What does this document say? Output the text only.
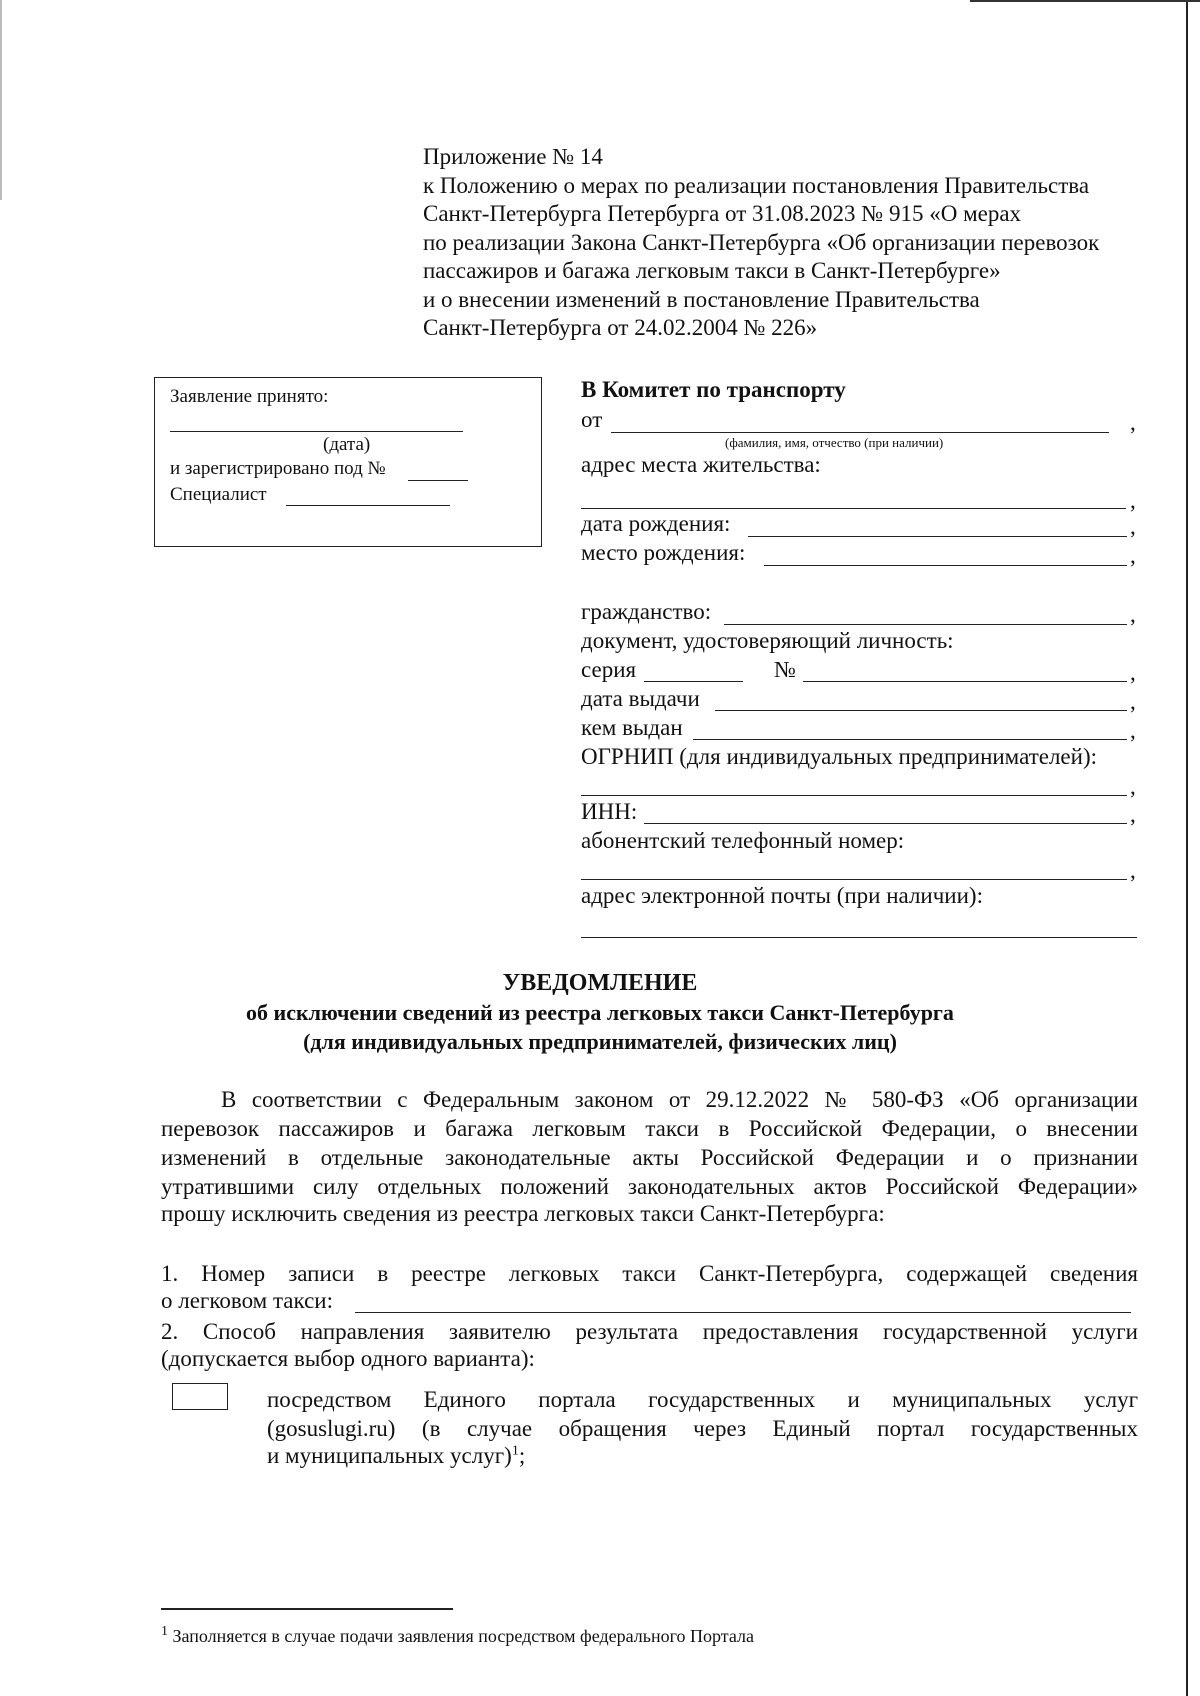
Приложение № 14
к Положению о мерах по реализации постановления Правительства
Санкт-Петербурга Петербурга от 31.08.2023 № 915 «О мерах
по реализации Закона Санкт-Петербурга «Об организации перевозок
пассажиров и багажа легковым такси в Санкт-Петербурге»
и о внесении изменений в постановление Правительства
Санкт-Петербурга от 24.02.2004 № 226»
Заявление принято:
(дата)
и зарегистрировано под №
Специалист
В Комитет по транспорту
от	,
(фамилия, имя, отчество (при наличии)
адрес места жительства:
,
дата рождения:	,
место рождения:	,
гражданство:	,
документ, удостоверяющий личность:
серия	№	,
дата выдачи	,
кем выдан	,
ОГРНИП (для индивидуальных предпринимателей):
,
ИНН:	,
абонентский телефонный номер:
,
адрес электронной почты (при наличии):
УВЕДОМЛЕНИЕ
об исключении сведений из реестра легковых такси Санкт-Петербурга
(для индивидуальных предпринимателей, физических лиц)
В соответствии с Федеральным законом от 29.12.2022 № 580-ФЗ «Об организации
перевозок пассажиров и багажа легковым такси в Российской Федерации, о внесении
изменений в отдельные законодательные акты Российской Федерации и о признании
утратившими силу отдельных положений законодательных актов Российской Федерации»
прошу исключить сведения из реестра легковых такси Санкт-Петербурга:
1. Номер записи в реестре легковых такси Санкт-Петербурга, содержащей сведения
о легковом такси:
2. Способ направления заявителю результата предоставления государственной услуги
(допускается выбор одного варианта):
посредством Единого портала государственных и муниципальных услуг
(gosuslugi.ru) (в случае обращения через Единый портал государственных
и муниципальных услуг)$^1$;
$^1$ Заполняется в случае подачи заявления посредством федерального Портала
